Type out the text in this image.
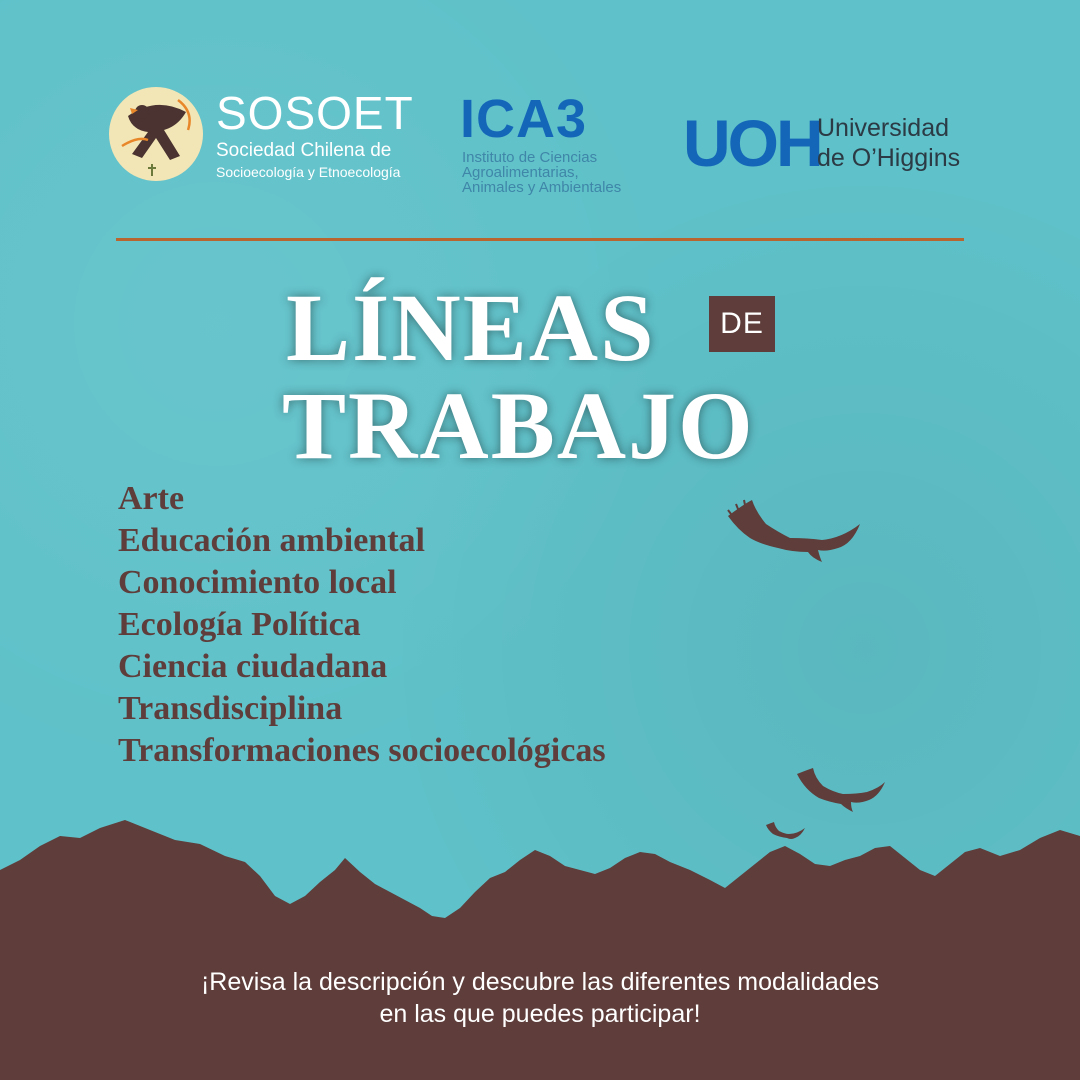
SOSOET
Sociedad Chilena de
Socioecología y Etnoecología
ICA3
Instituto de Ciencias Agroalimentarias, Animales y Ambientales
UOH
Universidad
de O’Higgins
LÍNEAS	DE
TRABAJO
Arte
Educación ambiental
Conocimiento local
Ecología Política
Ciencia ciudadana
Transdisciplina
Transformaciones socioecológicas
¡Revisa la descripción y descubre las diferentes modalidades
en las que puedes participar!
